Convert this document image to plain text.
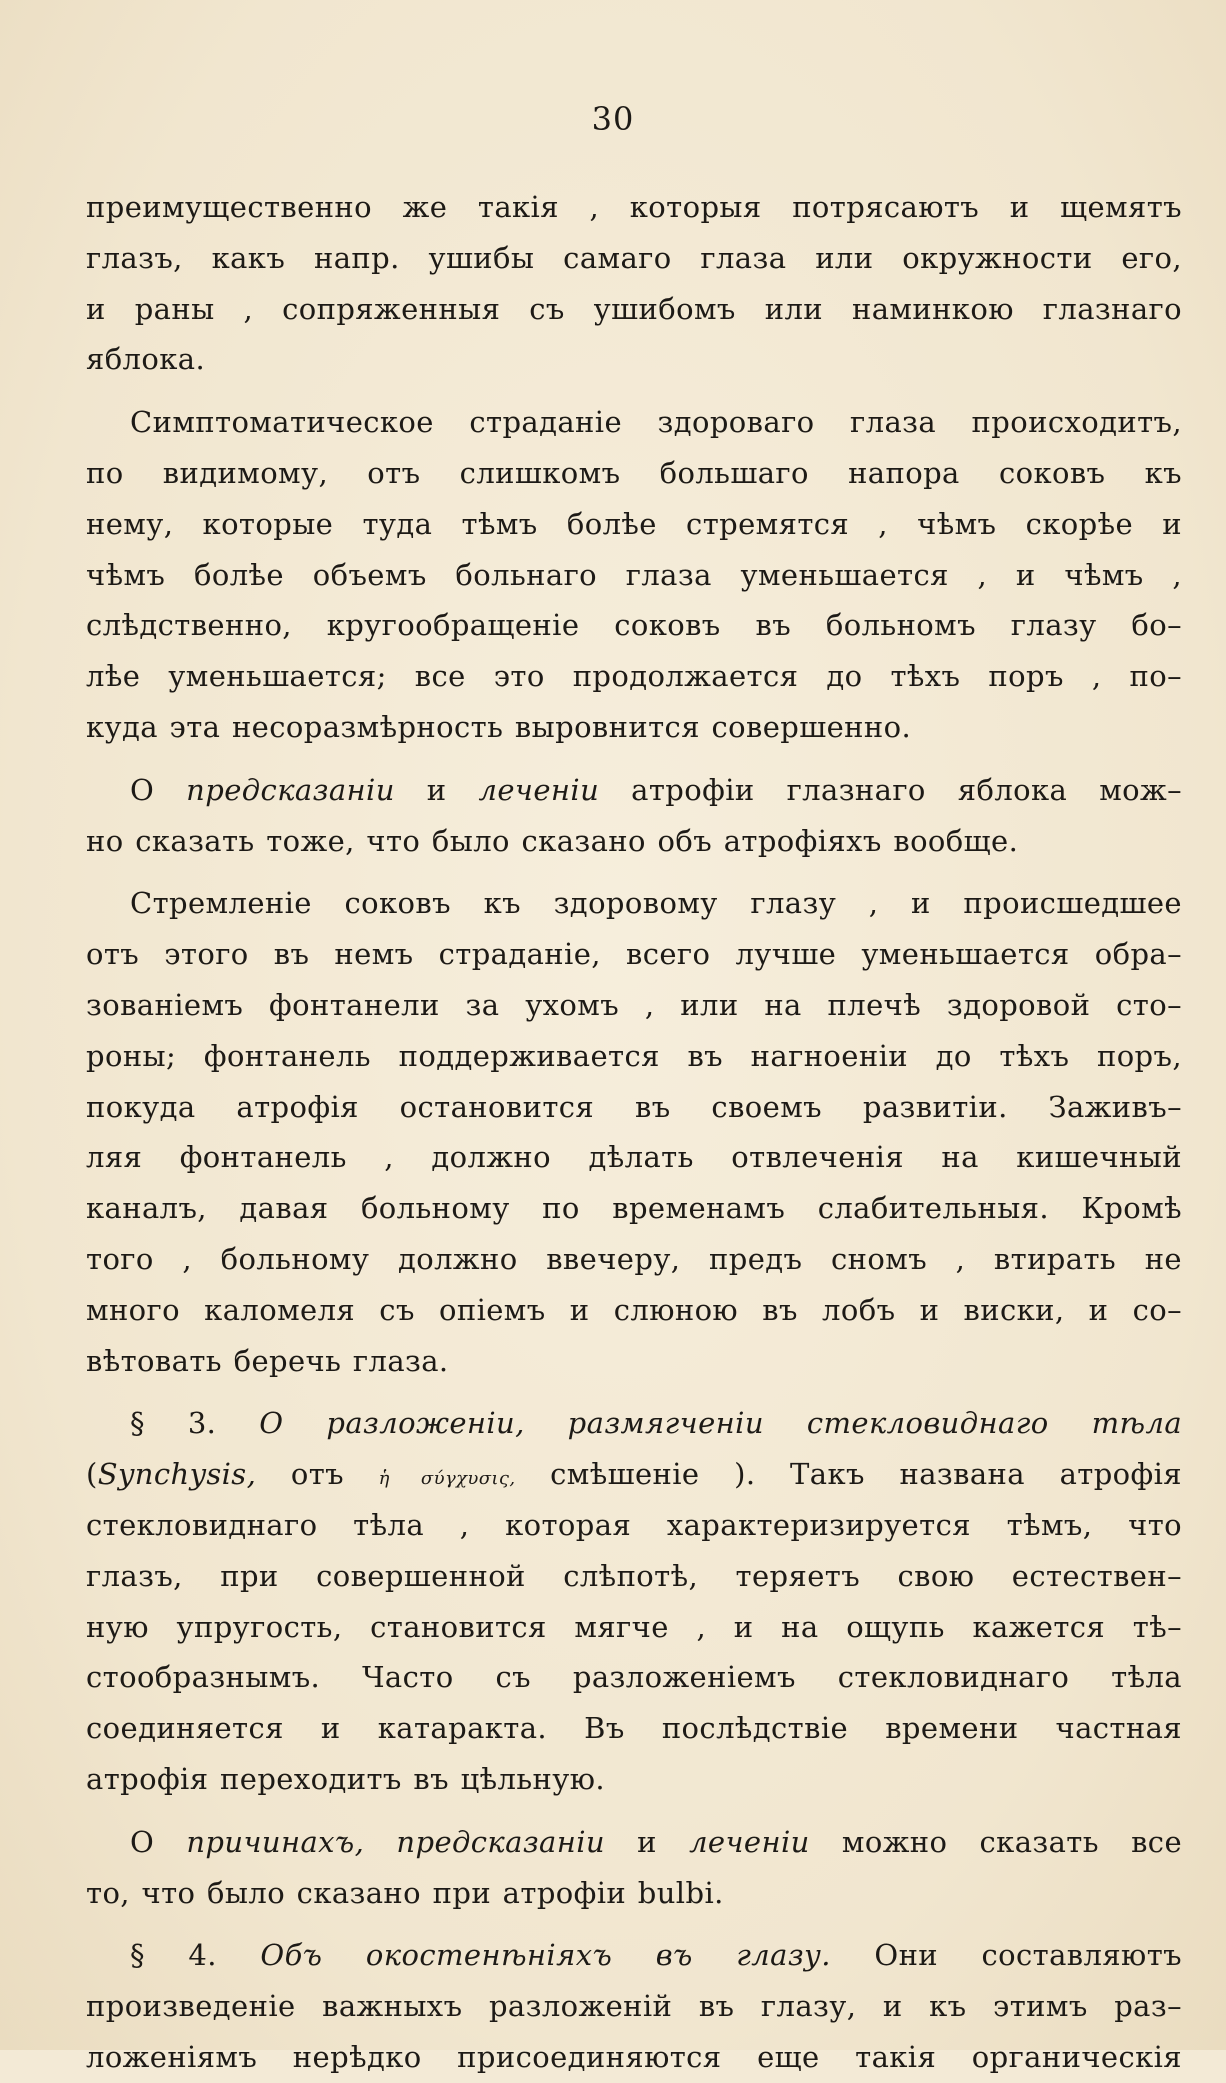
30
преимущественно же такія , которыя потрясаютъ и щемятъ
глазъ, какъ напр. ушибы самаго глаза или окружности его,
и раны , сопряженныя съ ушибомъ или наминкою глазнаго
яблока.
Симптоматическое страданіе здороваго глаза происходитъ,
по видимому, отъ слишкомъ большаго напора соковъ къ
нему, которые туда тѣмъ болѣе стремятся , чѣмъ скорѣе и
чѣмъ болѣе объемъ больнаго глаза уменьшается , и чѣмъ ,
слѣдственно, кругообращеніе соковъ въ больномъ глазу бо–
лѣе уменьшается; все это продолжается до тѣхъ поръ , по–
куда эта несоразмѣрность выровнится совершенно.
О предсказаніи и леченіи атрофіи глазнаго яблока мож–
но сказать тоже, что было сказано объ атрофіяхъ вообще.
Стремленіе соковъ къ здоровому глазу , и происшедшее
отъ этого въ немъ страданіе, всего лучше уменьшается обра–
зованіемъ фонтанели за ухомъ , или на плечѣ здоровой сто–
роны; фонтанель поддерживается въ нагноеніи до тѣхъ поръ,
покуда атрофія остановится въ своемъ развитіи. Заживъ–
ляя фонтанель , должно дѣлать отвлеченія на кишечный
каналъ, давая больному по временамъ слабительныя. Кромѣ
того , больному должно ввечеру, предъ сномъ , втирать не
много каломеля съ опіемъ и слюною въ лобъ и виски, и со–
вѣтовать беречь глаза.
§ 3. О разложеніи, размягченіи стекловиднаго тѣла
(Synchysis, отъ ἡ σύγχυσις, смѣшеніе ). Такъ названа атрофія
стекловиднаго тѣла , которая характеризируется тѣмъ, что
глазъ, при совершенной слѣпотѣ, теряетъ свою естествен–
ную упругость, становится мягче , и на ощупь кажется тѣ–
стообразнымъ. Часто съ разложеніемъ стекловиднаго тѣла
соединяется и катаракта. Въ послѣдствіе времени частная
атрофія переходитъ въ цѣльную.
О причинахъ, предсказаніи и леченіи можно сказать все
то, что было сказано при атрофіи bulbi.
§ 4. Объ окостенѣніяхъ въ глазу. Они составляютъ
произведеніе важныхъ разложеній въ глазу, и къ этимъ раз–
ложеніямъ нерѣдко присоединяются еще такія органическія
